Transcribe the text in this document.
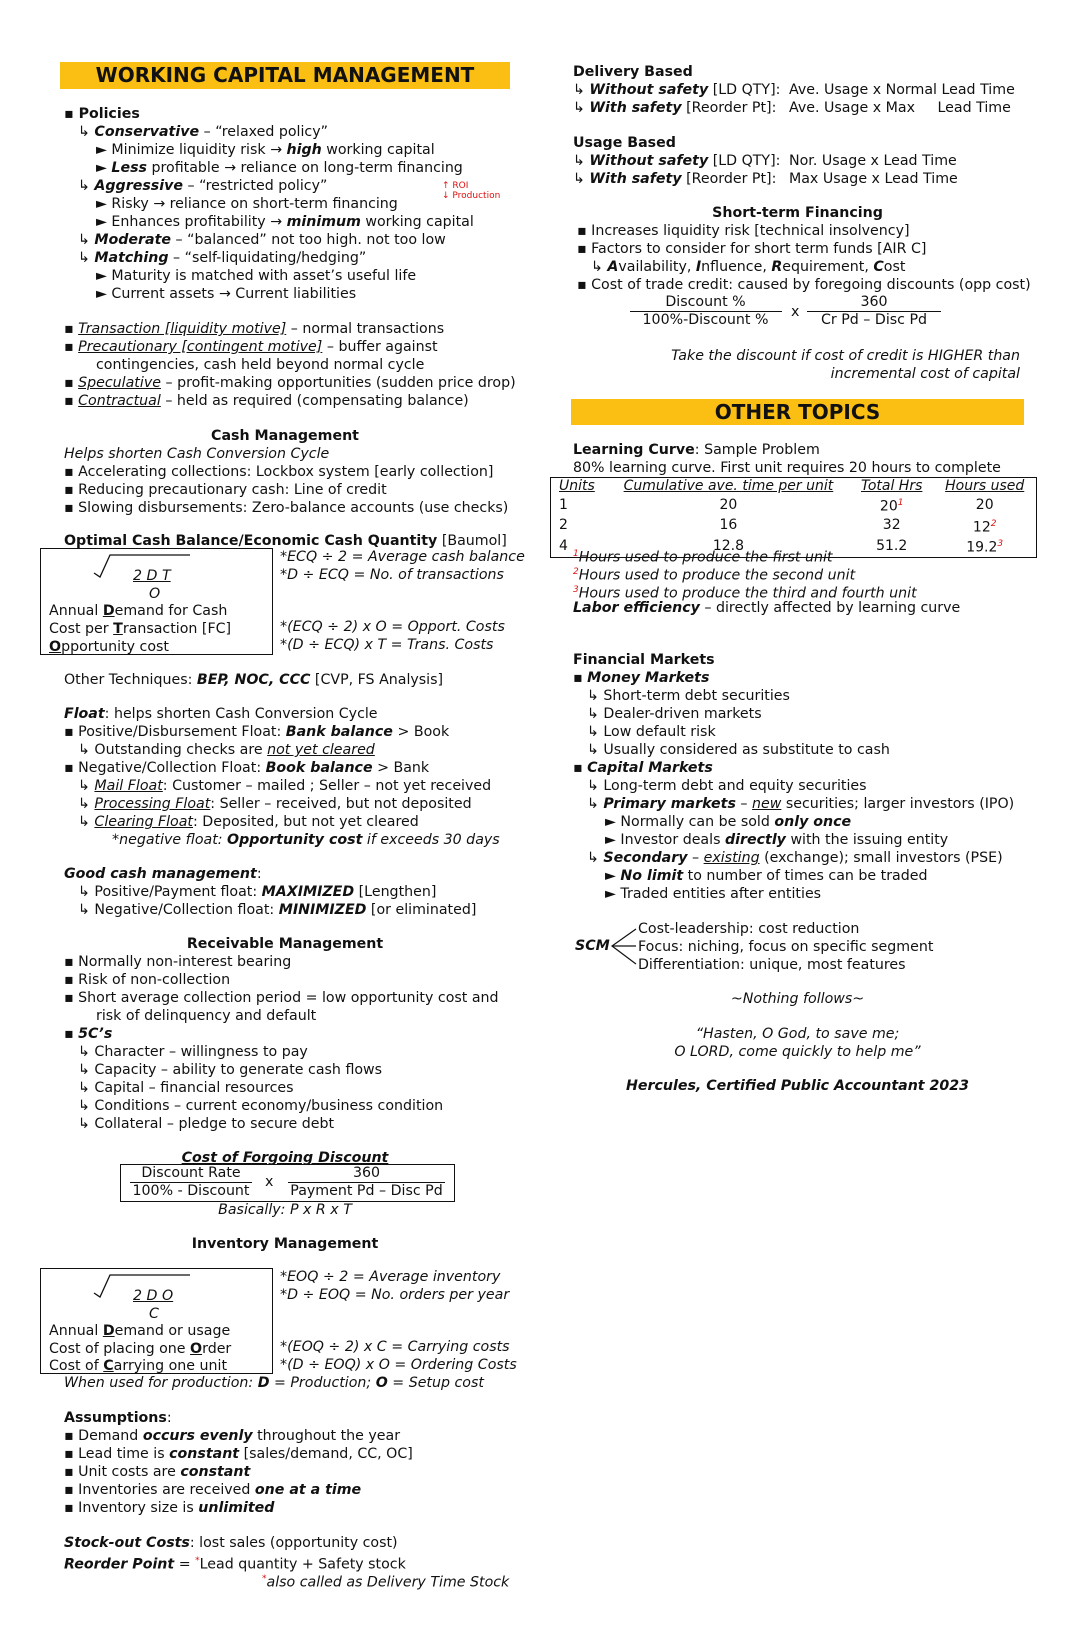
WORKING CAPITAL MANAGEMENT
▪ Policies
↳ Conservative – “relaxed policy”
► Minimize liquidity risk → high working capital
► Less profitable → reliance on long-term financing
↳ Aggressive – “restricted policy”	↑ ROI
↓ Production
► Risky → reliance on short-term financing
► Enhances profitability → minimum working capital
↳ Moderate – “balanced” not too high. not too low
↳ Matching – “self-liquidating/hedging”
► Maturity is matched with asset’s useful life
► Current assets → Current liabilities
▪ Transaction [liquidity motive] – normal transactions
▪ Precautionary [contingent motive] – buffer against
contingencies, cash held beyond normal cycle
▪ Speculative – profit-making opportunities (sudden price drop)
▪ Contractual – held as required (compensating balance)
Cash Management
Helps shorten Cash Conversion Cycle
▪ Accelerating collections: Lockbox system [early collection]
▪ Reducing precautionary cash: Line of credit
▪ Slowing disbursements: Zero-balance accounts (use checks)
Optimal Cash Balance/Economic Cash Quantity [Baumol]
2 D T
O
Annual Demand for Cash
Cost per Transaction [FC]
Opportunity cost
*ECQ ÷ 2 = Average cash balance
*D ÷ ECQ = No. of transactions
*(ECQ ÷ 2) x O = Opport. Costs
*(D ÷ ECQ) x T = Trans. Costs
Other Techniques: BEP, NOC, CCC [CVP, FS Analysis]
Float: helps shorten Cash Conversion Cycle
▪ Positive/Disbursement Float: Bank balance > Book
↳ Outstanding checks are not yet cleared
▪ Negative/Collection Float: Book balance > Bank
↳ Mail Float: Customer – mailed ; Seller – not yet received
↳ Processing Float: Seller – received, but not deposited
↳ Clearing Float: Deposited, but not yet cleared
*negative float: Opportunity cost if exceeds 30 days
Good cash management:
↳ Positive/Payment float: MAXIMIZED [Lengthen]
↳ Negative/Collection float: MINIMIZED [or eliminated]
Receivable Management
▪ Normally non-interest bearing
▪ Risk of non-collection
▪ Short average collection period = low opportunity cost and
risk of delinquency and default
▪ 5C’s
↳ Character – willingness to pay
↳ Capacity – ability to generate cash flows
↳ Capital – financial resources
↳ Conditions – current economy/business condition
↳ Collateral – pledge to secure debt
Cost of Forgoing Discount
Discount Rate
100% - Discount
x
360
Payment Pd – Disc Pd
Basically: P x R x T
Inventory Management
2 D O
C
Annual Demand or usage
Cost of placing one Order
Cost of Carrying one unit
*EOQ ÷ 2 = Average inventory
*D ÷ EOQ = No. orders per year
*(EOQ ÷ 2) x C = Carrying costs
*(D ÷ EOQ) x O = Ordering Costs
When used for production: D = Production; O = Setup cost
Assumptions:
▪ Demand occurs evenly throughout the year
▪ Lead time is constant [sales/demand, CC, OC]
▪ Unit costs are constant
▪ Inventories are received one at a time
▪ Inventory size is unlimited
Stock-out Costs: lost sales (opportunity cost)
Reorder Point = *Lead quantity + Safety stock
*also called as Delivery Time Stock
Delivery Based
↳ Without safety [LD QTY]: Ave. Usage x Normal Lead Time
↳ With safety [Reorder Pt]: Ave. Usage x Max     Lead Time
Usage Based
↳ Without safety [LD QTY]: Nor. Usage x Lead Time
↳ With safety [Reorder Pt]: Max Usage x Lead Time
Short-term Financing
▪ Increases liquidity risk [technical insolvency]
▪ Factors to consider for short term funds [AIR C]
↳ Availability, Influence, Requirement, Cost
▪ Cost of trade credit: caused by foregoing discounts (opp cost)
Discount %
100%-Discount %	x
360
Cr Pd – Disc Pd
Take the discount if cost of credit is HIGHER than
incremental cost of capital
OTHER TOPICS
Learning Curve: Sample Problem
80% learning curve. First unit requires 20 hours to complete
Units	Cumulative ave. time per unit	Total Hrs	Hours used
1	20	$20^1$	20
2	16	32	$12^2$
4	12.8	51.2	19.2$^3$
$^1$Hours used to produce the first unit
$^2$Hours used to produce the second unit
$^3$Hours used to produce the third and fourth unit
Labor efficiency – directly affected by learning curve
Financial Markets
▪ Money Markets
↳ Short-term debt securities
↳ Dealer-driven markets
↳ Low default risk
↳ Usually considered as substitute to cash
▪ Capital Markets
↳ Long-term debt and equity securities
↳ Primary markets – new securities; larger investors (IPO)
► Normally can be sold only once
► Investor deals directly with the issuing entity
↳ Secondary – existing (exchange); small investors (PSE)
► No limit to number of times can be traded
► Traded entities after entities
SCM
Cost-leadership: cost reduction
Focus: niching, focus on specific segment
Differentiation: unique, most features
~Nothing follows~
“Hasten, O God, to save me;
O LORD, come quickly to help me”
Hercules, Certified Public Accountant 2023
